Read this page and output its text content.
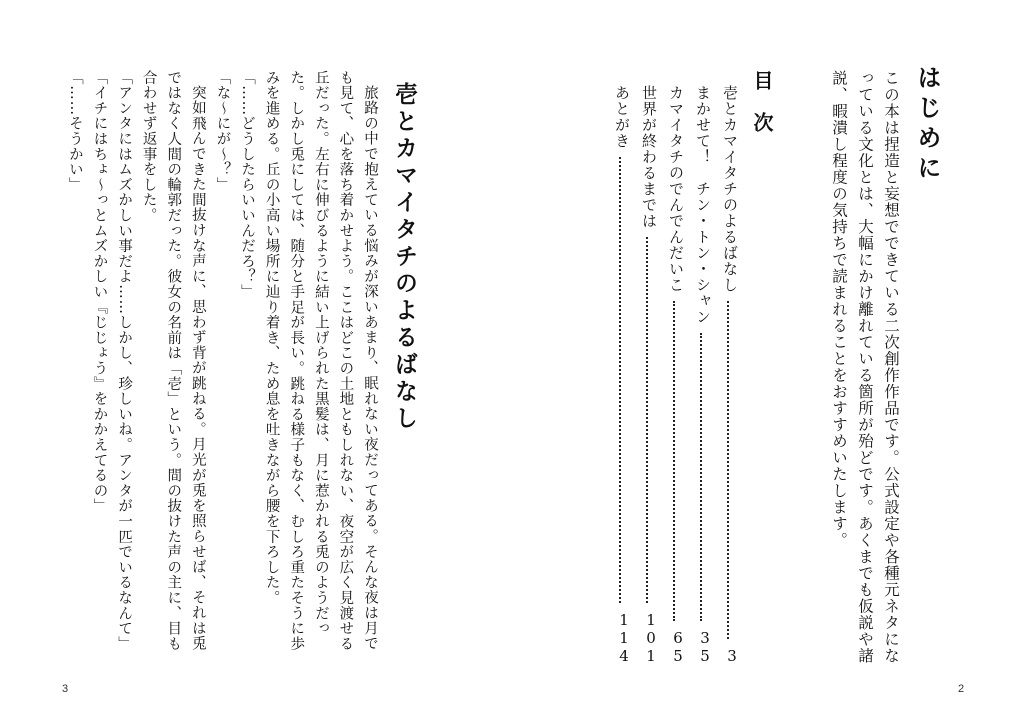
はじめに

この本は捏造と妄想でできている二次創作作品です。公式設定や各種元ネタになっている文化とは、大幅にかけ離れている箇所が殆どです。あくまでも仮説や諸説、暇潰し程度の気持ちで読まれることをおすすめいたします。

目次
壱とカマイタチのよるばなし
3
まかせて！　チン・トン・シャン
35
カマイタチのでんでんだいこ
65
世界が終わるまでは
101
あとがき
114
2
壱とカマイタチのよるばなし

旅路の中で抱えている悩みが深いあまり、眠れない夜だってある。そんな夜は月でも見て、心を落ち着かせよう。ここはどこの土地ともしれない、夜空が広く見渡せる丘だった。左右に伸びるように結い上げられた黒髪は、月に惹かれる兎のようだった。しかし兎にしては、随分と手足が長い。跳ねる様子もなく、むしろ重たそうに歩みを進める。丘の小高い場所に辿り着き、ため息を吐きながら腰を下ろした。

「……どうしたらいいんだろ？」

「な〜にが〜？」

突如飛んできた間抜けな声に、思わず背が跳ねる。月光が兎を照らせば、それは兎ではなく人間の輪郭だった。彼女の名前は「壱」という。間の抜けた声の主に、目も合わせず返事をした。

「アンタにはムズかしい事だよ……しかし、珍しいね。アンタが一匹でいるなんて」

「イチにはちょ〜っとムズかしい『じじょう』をかかえてるの」

「……そうかい」

3
